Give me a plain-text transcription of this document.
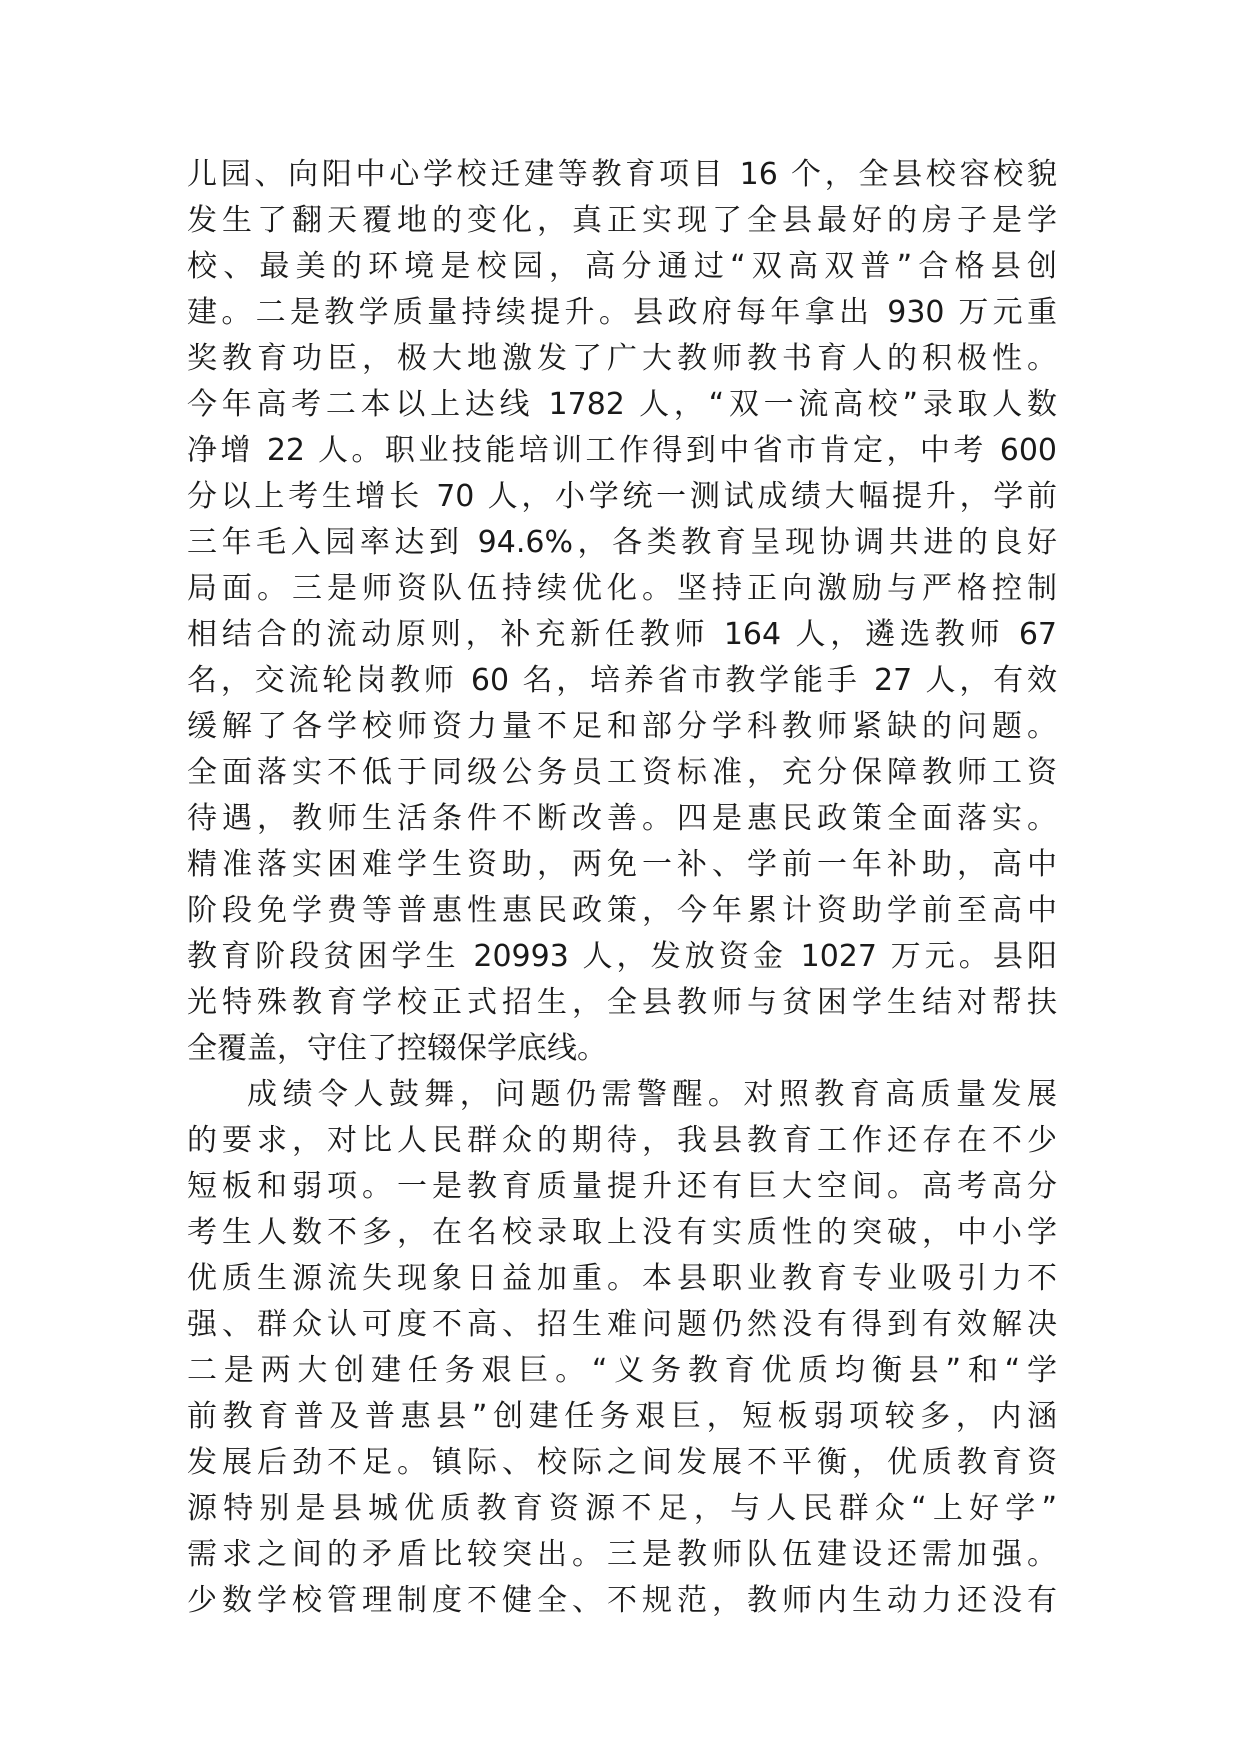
儿园、向阳中心学校迁建等教育项目 16 个，全县校容校貌
发生了翻天覆地的变化，真正实现了全县最好的房子是学
校、最美的环境是校园，高分通过“双高双普”合格县创
建。二是教学质量持续提升。县政府每年拿出 930 万元重
奖教育功臣，极大地激发了广大教师教书育人的积极性。
今年高考二本以上达线 1782 人，“双一流高校”录取人数
净增 22 人。职业技能培训工作得到中省市肯定，中考 600
分以上考生增长 70 人，小学统一测试成绩大幅提升，学前
三年毛入园率达到 94.6%，各类教育呈现协调共进的良好
局面。三是师资队伍持续优化。坚持正向激励与严格控制
相结合的流动原则，补充新任教师 164 人，遴选教师 67
名，交流轮岗教师 60 名，培养省市教学能手 27 人，有效
缓解了各学校师资力量不足和部分学科教师紧缺的问题。
全面落实不低于同级公务员工资标准，充分保障教师工资
待遇，教师生活条件不断改善。四是惠民政策全面落实。
精准落实困难学生资助，两免一补、学前一年补助，高中
阶段免学费等普惠性惠民政策，今年累计资助学前至高中
教育阶段贫困学生 20993 人，发放资金 1027 万元。县阳
光特殊教育学校正式招生，全县教师与贫困学生结对帮扶
全覆盖，守住了控辍保学底线。
成绩令人鼓舞，问题仍需警醒。对照教育高质量发展
的要求，对比人民群众的期待，我县教育工作还存在不少
短板和弱项。一是教育质量提升还有巨大空间。高考高分
考生人数不多，在名校录取上没有实质性的突破，中小学
优质生源流失现象日益加重。本县职业教育专业吸引力不
强、群众认可度不高、招生难问题仍然没有得到有效解决
二是两大创建任务艰巨。“义务教育优质均衡县”和“学
前教育普及普惠县”创建任务艰巨，短板弱项较多，内涵
发展后劲不足。镇际、校际之间发展不平衡，优质教育资
源特别是县城优质教育资源不足，与人民群众“上好学”
需求之间的矛盾比较突出。三是教师队伍建设还需加强。
少数学校管理制度不健全、不规范，教师内生动力还没有
